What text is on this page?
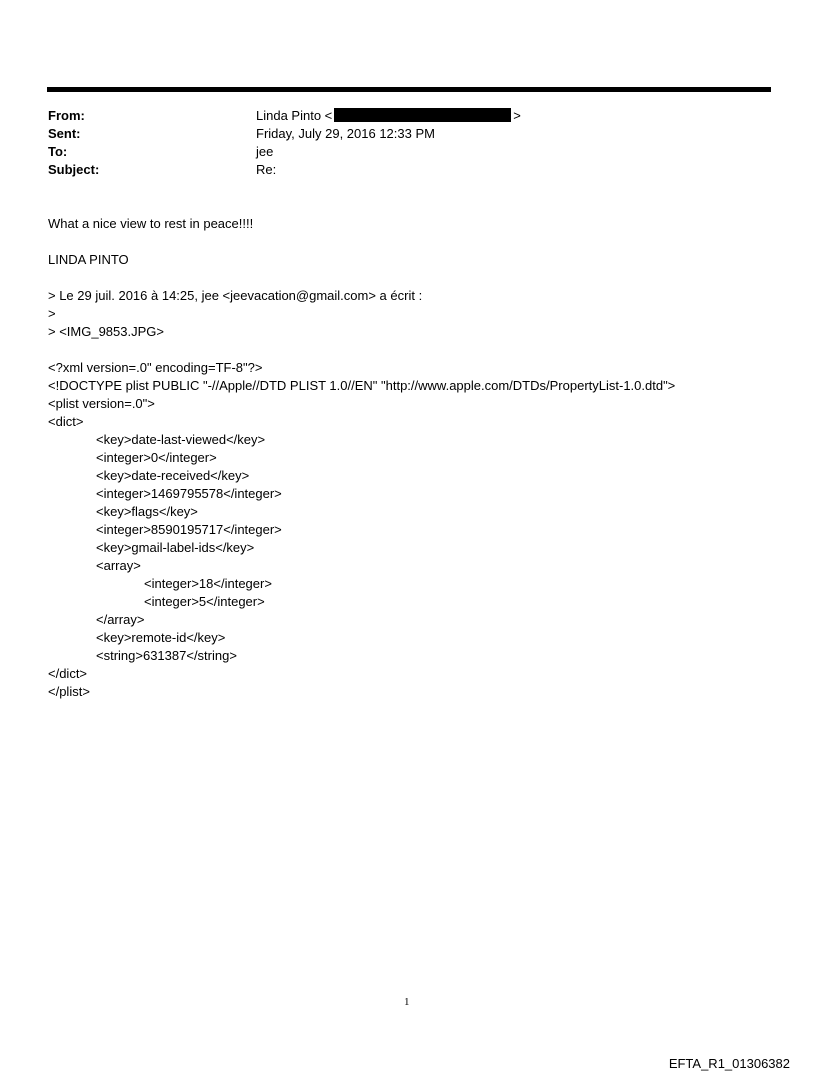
From:	Linda Pinto <	>
Sent:	Friday, July 29, 2016 12:33 PM
To:	jee
Subject:	Re:
What a nice view to rest in peace!!!!
LINDA PINTO
> Le 29 juil. 2016 à 14:25, jee <jeevacation@gmail.com> a écrit :
>
> <IMG_9853.JPG>
<?xml version=.0" encoding=TF-8"?>
<!DOCTYPE plist PUBLIC "-//Apple//DTD PLIST 1.0//EN" "http://www.apple.com/DTDs/PropertyList-1.0.dtd">
<plist version=.0">
<dict>
<key>date-last-viewed</key>
<integer>0</integer>
<key>date-received</key>
<integer>1469795578</integer>
<key>flags</key>
<integer>8590195717</integer>
<key>gmail-label-ids</key>
<array>
<integer>18</integer>
<integer>5</integer>
</array>
<key>remote-id</key>
<string>631387</string>
</dict>
</plist>
1
EFTA_R1_01306382
